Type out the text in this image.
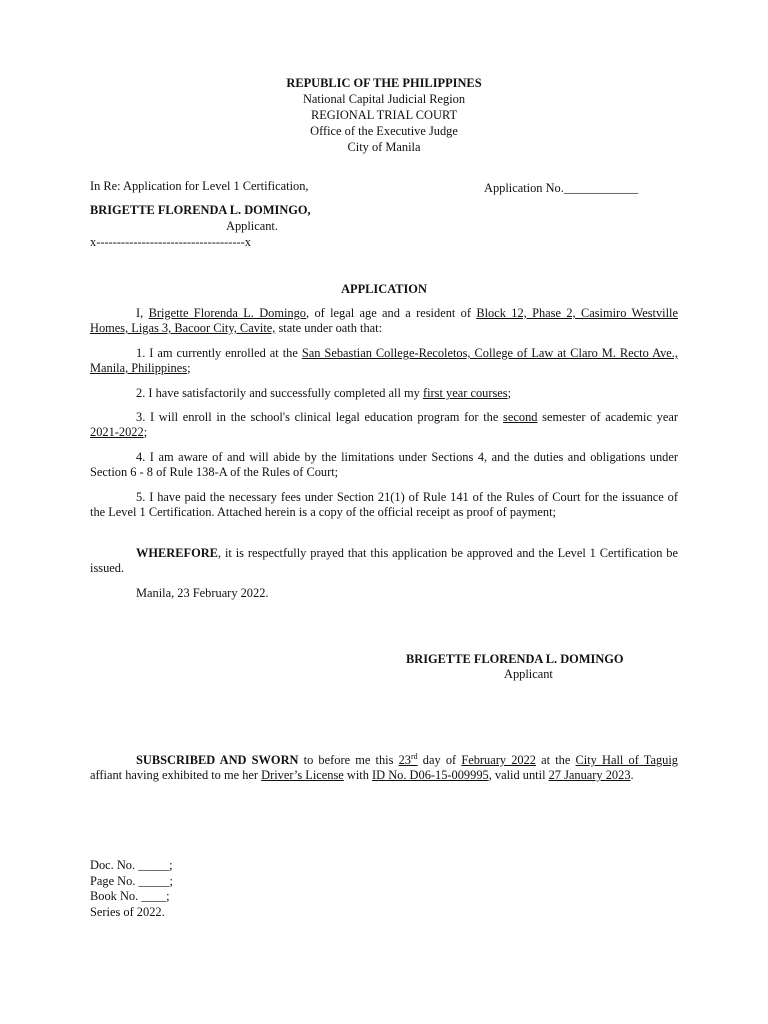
REPUBLIC OF THE PHILIPPINES
National Capital Judicial Region
REGIONAL TRIAL COURT
Office of the Executive Judge
City of Manila
In Re: Application for Level 1 Certification,	Application No.____________
BRIGETTE FLORENDA L. DOMINGO,
Applicant.
x------------------------------------x
APPLICATION
I, Brigette Florenda L. Domingo, of legal age and a resident of Block 12, Phase 2, Casimiro Westville Homes, Ligas 3, Bacoor City, Cavite, state under oath that:
1. I am currently enrolled at the San Sebastian College-Recoletos, College of Law at Claro M. Recto Ave., Manila, Philippines;
2. I have satisfactorily and successfully completed all my first year courses;
3. I will enroll in the school's clinical legal education program for the second semester of academic year 2021-2022;
4. I am aware of and will abide by the limitations under Sections 4, and the duties and obligations under Section 6 - 8 of Rule 138-A of the Rules of Court;
5. I have paid the necessary fees under Section 21(1) of Rule 141 of the Rules of Court for the issuance of the Level 1 Certification. Attached herein is a copy of the official receipt as proof of payment;
WHEREFORE, it is respectfully prayed that this application be approved and the Level 1 Certification be issued.
Manila, 23 February 2022.
BRIGETTE FLORENDA L. DOMINGO
Applicant
SUBSCRIBED AND SWORN to before me this 23rd day of February 2022 at the City Hall of Taguig affiant having exhibited to me her Driver’s License with ID No. D06-15-009995, valid until 27 January 2023.
Doc. No. _____;
Page No. _____;
Book No. ____;
Series of 2022.
